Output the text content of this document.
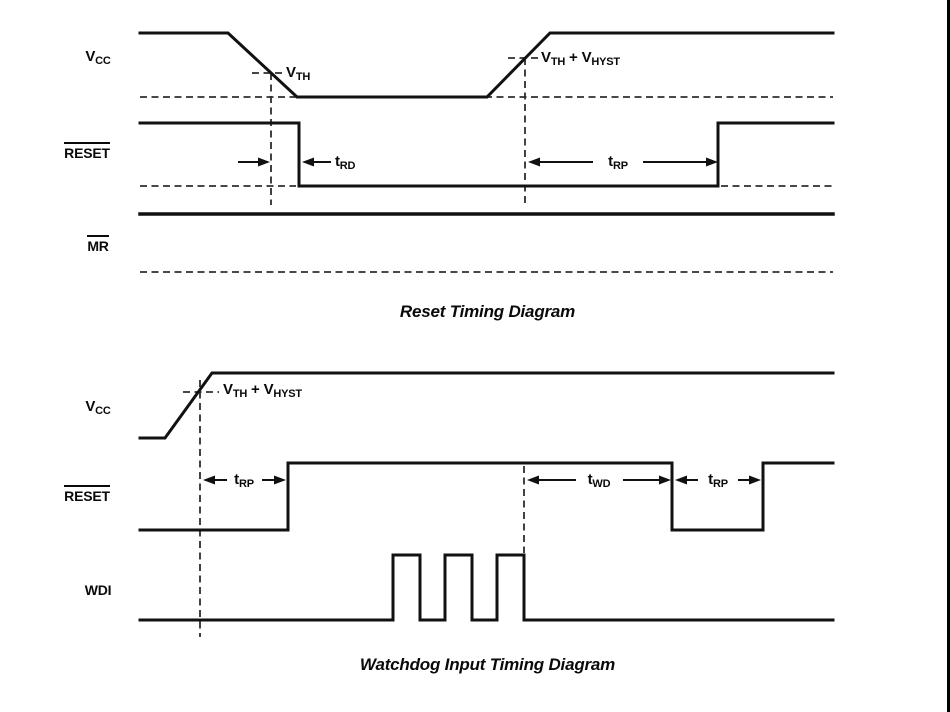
$V_{CC}$
$V_{TH}$
$V_{TH} + V_{HYST}$
RESET	$t_{RD}$	$t_{RP}$
MR
Reset Timing Diagram
$V_{CC}$
$V_{TH} + V_{HYST}$
RESET
$t_{RP}$	$t_{WD}$	$t_{RP}$
WDI
Watchdog Input Timing Diagram
